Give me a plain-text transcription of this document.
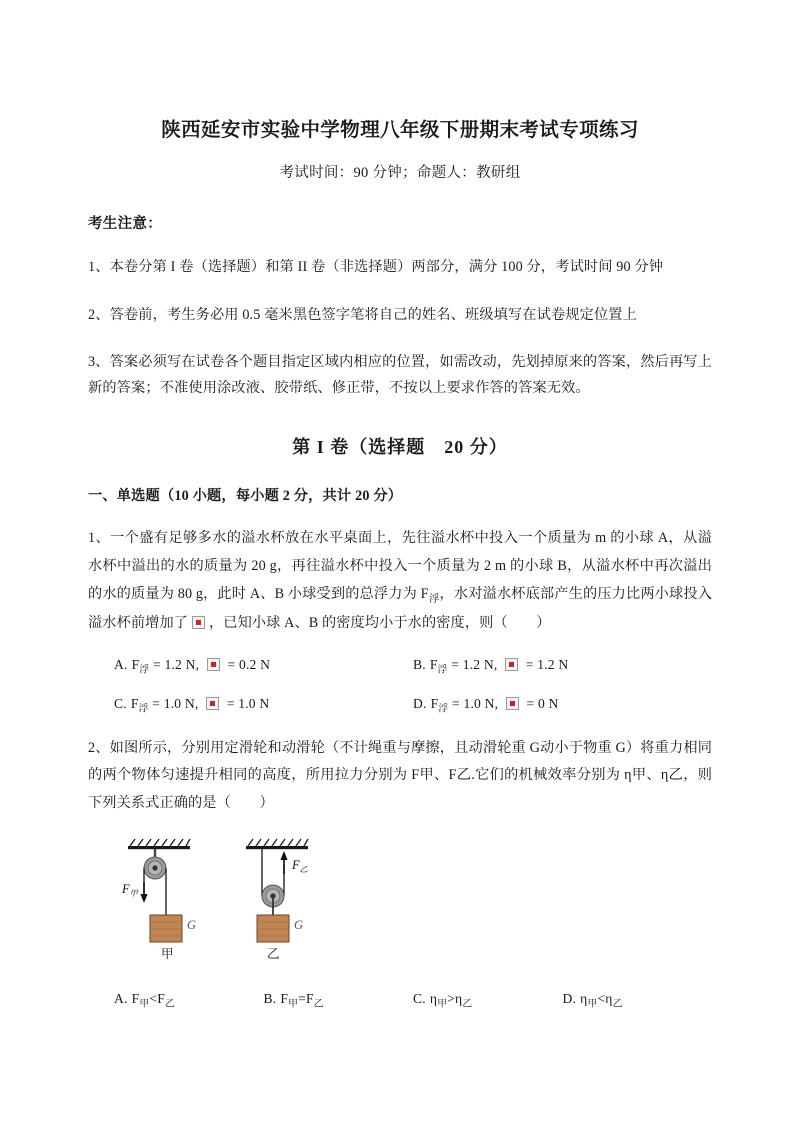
陕西延安市实验中学物理八年级下册期末考试专项练习

考试时间：90 分钟；命题人：教研组

考生注意：

1、本卷分第 I 卷（选择题）和第 II 卷（非选择题）两部分，满分 100 分，考试时间 90 分钟

2、答卷前，考生务必用 0.5 毫米黑色签字笔将自己的姓名、班级填写在试卷规定位置上

3、答案必须写在试卷各个题目指定区域内相应的位置，如需改动，先划掉原来的答案，然后再写上新的答案；不准使用涂改液、胶带纸、修正带，不按以上要求作答的答案无效。

第 I 卷（选择题　20 分）

一、单选题（10 小题，每小题 2 分，共计 20 分）

1、一个盛有足够多水的溢水杯放在水平桌面上，先往溢水杯中投入一个质量为 m 的小球 A，从溢水杯中溢出的水的质量为 20 g，再往溢水杯中投入一个质量为 2 m 的小球 B，从溢水杯中再次溢出的水的质量为 80 g，此时 A、B 小球受到的总浮力为 $F_浮$，水对溢水杯底部产生的压力比两小球投入溢水杯前增加了 ，已知小球 A、B 的密度均小于水的密度，则（　　）

A. $F_浮 = 1.2$ N, = 0.2 N	B. $F_浮 = 1.2$ N, = 1.2 N
C. $F_浮 = 1.0$ N, = 1.0 N	D. $F_浮 = 1.0$ N, = 0 N

2、如图所示，分别用定滑轮和动滑轮（不计绳重与摩擦，且动滑轮重 G动小于物重 G）将重力相同的两个物体匀速提升相同的高度，所用拉力分别为 F甲、F乙.它们的机械效率分别为 η甲、η乙，则下列关系式正确的是（　　）

$F_甲$
$F_乙$
G	G
甲	乙
A. $F_甲<F_乙$	B. $F_甲=F_乙$	C. $\eta_甲>\eta_乙$	D. $\eta_甲<\eta_乙$
